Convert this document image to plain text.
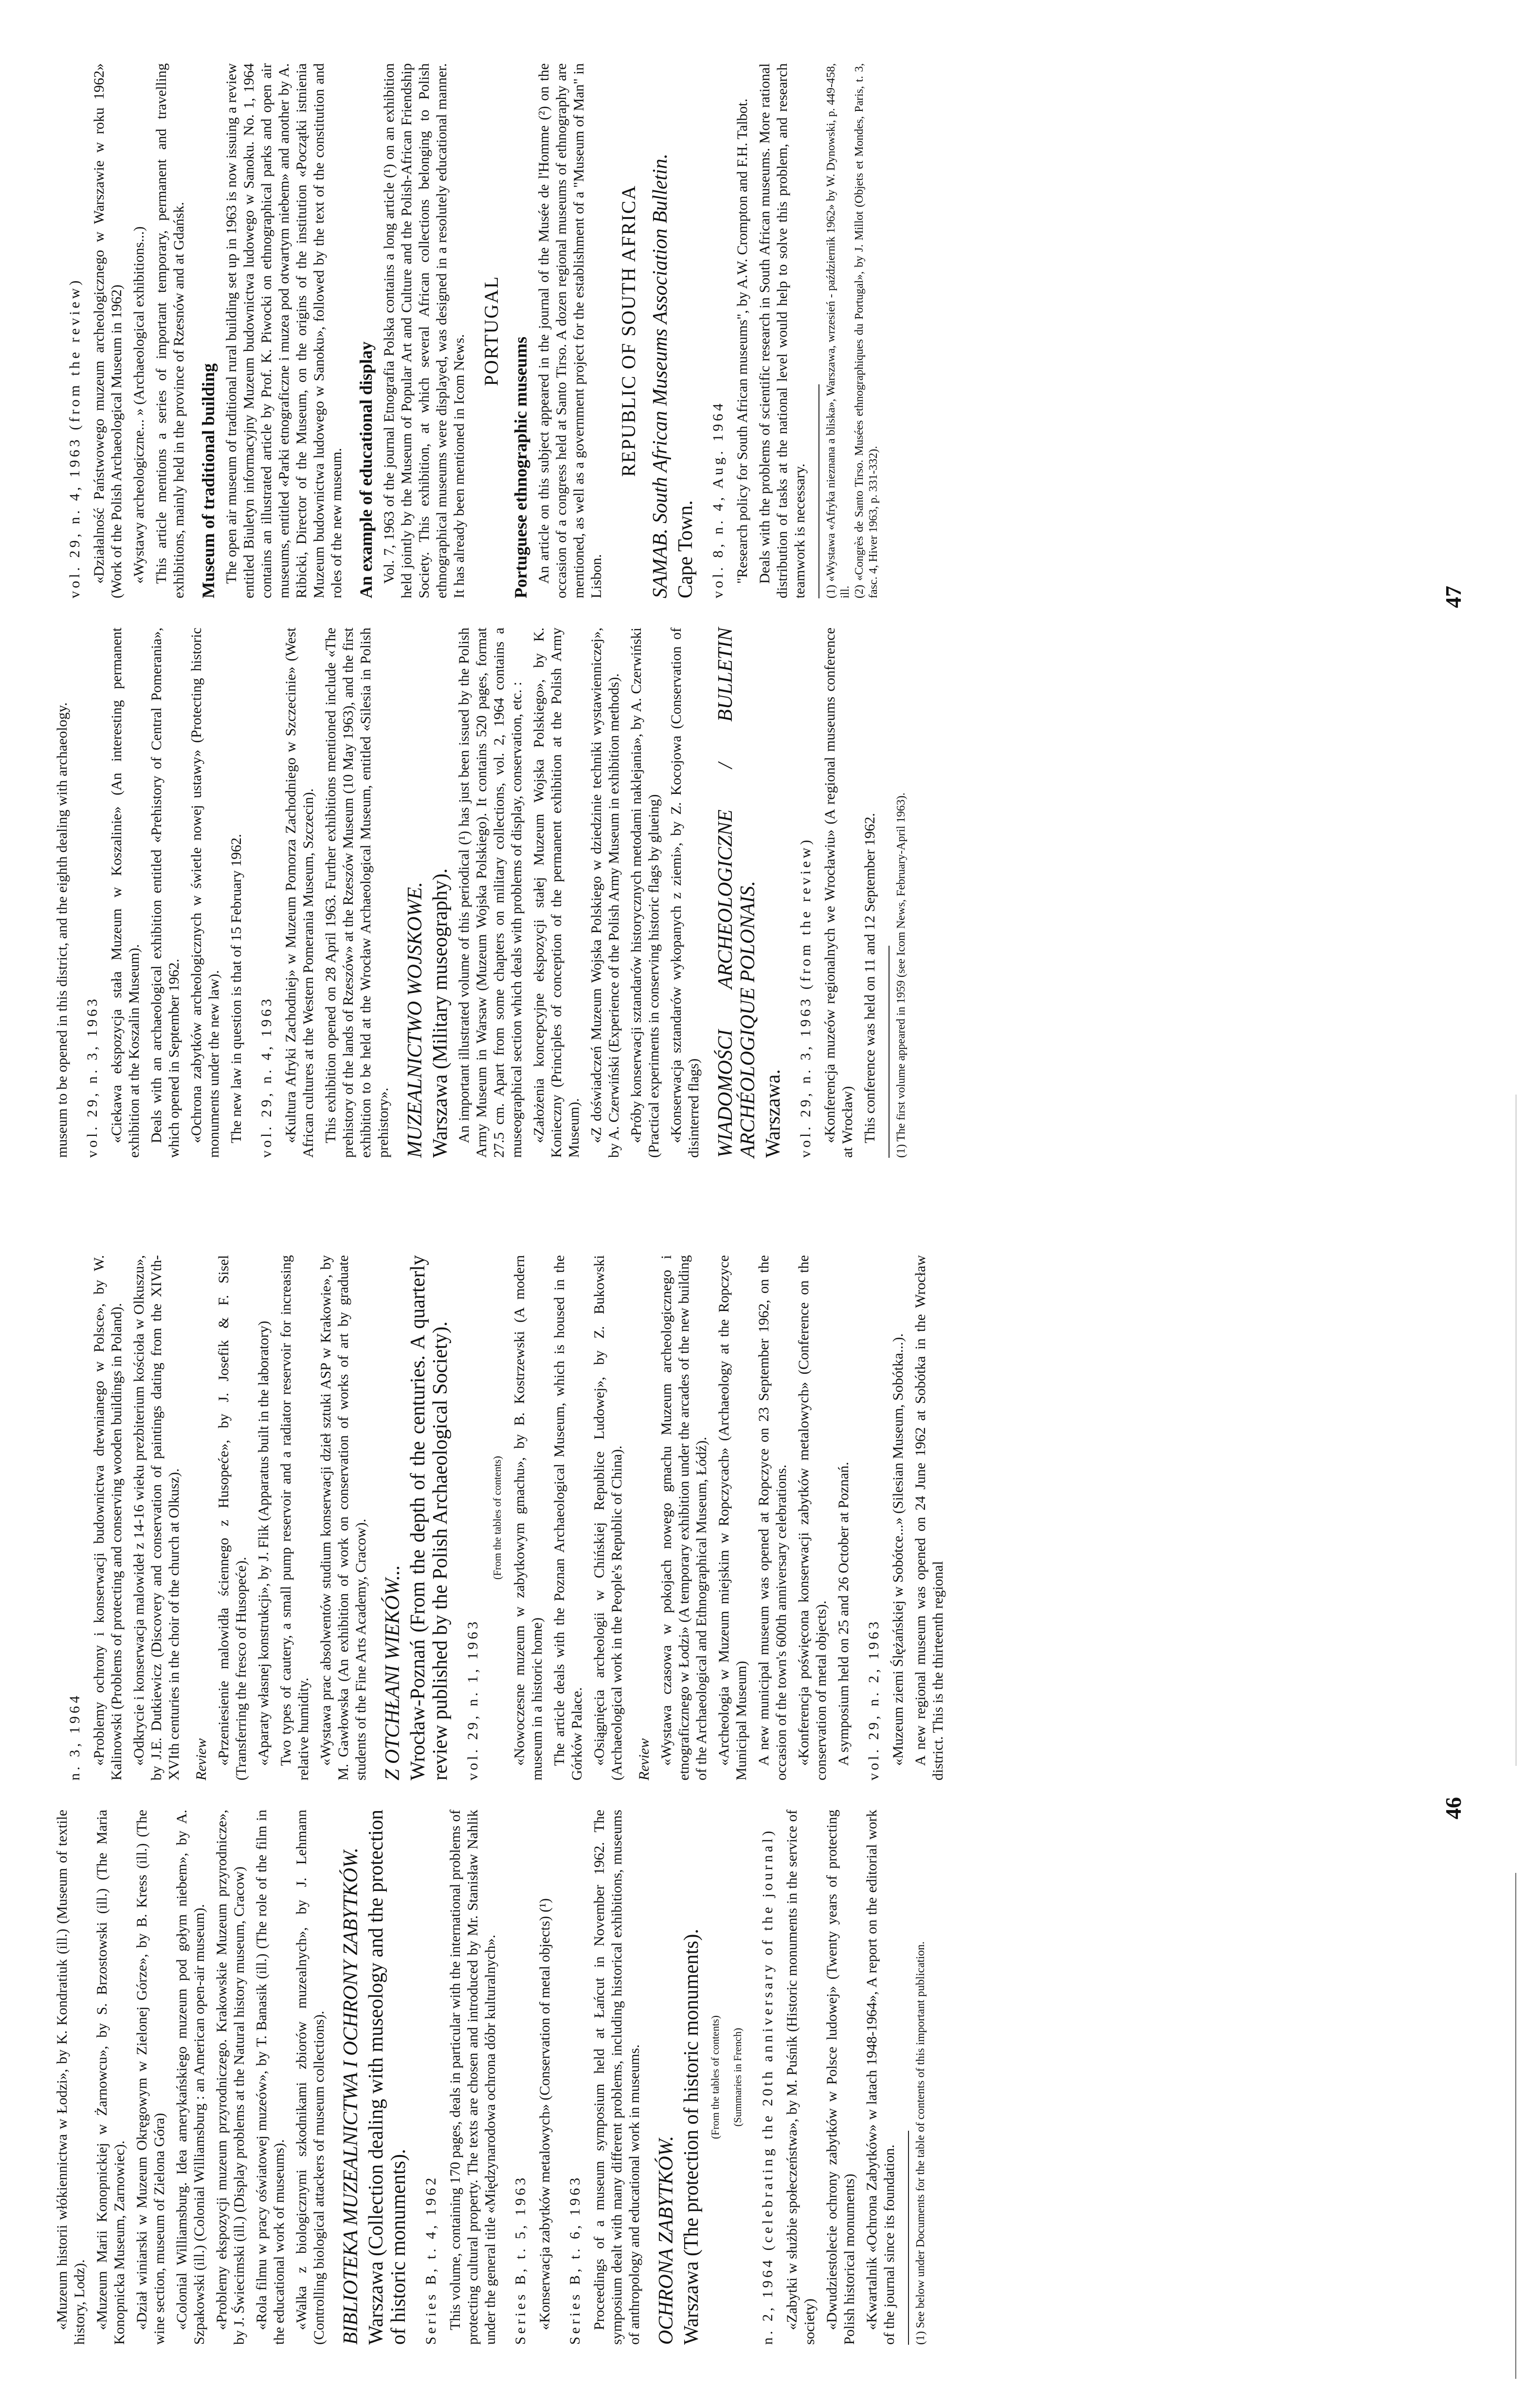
«Muzeum historii włókiennictwa w Łodzi», by K. Kondratiuk (ill.) (Museum of textile history, Lodz). «Muzeum Marii Konopnickiej w Żarnowcu», by S. Brzostowski (ill.) (The Maria Konopnicka Museum, Zarnowiec). «Dział winiarski w Muzeum Okręgowym w Zielonej Górze», by B. Kress (ill.) (The wine section, museum of Zielona Góra) «Colonial Williamsburg. Idea amerykańskiego muzeum pod gołym niebem», by A. Szpakowski (ill.) (Colonial Williamsburg : an American open-air museum). «Problemy ekspozycji muzeum przyrodniczego. Krakowskie Muzeum przyrodnicze», by J. Świecimski (ill.) (Display problems at the Natural history museum, Cracow) «Rola filmu w pracy oświatowej muzeów», by T. Banasik (ill.) (The role of the film in the educational work of museums). «Walka z biologicznymi szkodnikami zbiorów muzealnych», by J. Lehmann (Controlling biological attackers of museum collections). BIBLIOTEKA MUZEALNICTWA I OCHRONY ZABYTKÓW. Warszawa (Collection dealing with museology and the protection of historic monuments). Series B, t. 4, 1962 This volume, containing 170 pages, deals in particular with the international problems of protecting cultural property. The texts are chosen and introduced by Mr. Stanisław Nahlik under the general title «Międzynarodowa ochrona dóbr kulturalnych». Series B, t. 5, 1963 «Konserwacja zabytków metalowych» (Conservation of metal objects) (¹) Series B, t. 6, 1963 Proceedings of a museum symposium held at Łańcut in November 1962. The symposium dealt with many different problems, including historical exhibitions, museums of anthropology and educational work in museums. OCHRONA ZABYTKÓW. Warszawa (The protection of historic monuments). (From the tables of contents) (Summaries in French) n. 2, 1964 (celebrating the 20th anniversary of the journal) «Zabytki w służbie społeczeństwa», by M. Puśnik (Historic monuments in the service of society) «Dwudziestolecie ochrony zabytków w Polsce ludowej» (Twenty years of protecting Polish historical monuments) «Kwartalnik «Ochrona Zabytków» w latach 1948-1964», A report on the editorial work of the journal since its foundation. (1) See below under Documents for the table of contents of this important publication.
n. 3, 1964 «Problemy ochrony i konserwacji budownictwa drewnianego w Polsce», by W. Kalinowski (Problems of protecting and conserving wooden buildings in Poland). «Odkrycie i konserwacja malowideł z 14-16 wieku prezbiterium kościoła w Olkuszu», by J.E. Dutkiewicz (Discovery and conservation of paintings dating from the XIVth-XVIth centuries in the choir of the church at Olkusz). Review «Przeniesienie malowidła ściennego z Husopeće», by J. Josefik & F. Sisel (Transferring the fresco of Husopeće). «Aparaty własnej konstrukcji», by J. Flik (Apparatus built in the laboratory) Two types of cautery, a small pump reservoir and a radiator reservoir for increasing relative humidity. «Wystawa prac absolwentów studium konserwacji dzieł sztuki ASP w Krakowie», by M. Gawłowska (An exhibition of work on conservation of works of art by graduate students of the Fine Arts Academy, Cracow). Z OTCHŁANI WIEKÓW... Wrocław-Poznań (From the depth of the centuries. A quarterly review published by the Polish Archaeological Society). vol. 29, n. 1, 1963
(From the tables of contents) «Nowoczesne muzeum w zabytkowym gmachu», by B. Kostrzewski (A modern museum in a historic home) The article deals with the Poznan Archaeological Museum, which is housed in the Górków Palace. «Osiągnięcia archeologii w Chińskiej Republice Ludowej», by Z. Bukowski (Archaeological work in the People's Republic of China). Review «Wystawa czasowa w pokojach nowego gmachu Muzeum archeologicznego i etnograficznego w Łodzi» (A temporary exhibition under the arcades of the new building of the Archaeological and Ethnographical Museum, Łódź). «Archeologia w Muzeum miejskim w Ropczycach» (Archaeology at the Ropczyce Municipal Museum) A new municipal museum was opened at Ropczyce on 23 September 1962, on the occasion of the town's 600th anniversary celebrations. «Konferencja poświęcona konserwacji zabytków metalowych» (Conference on the conservation of metal objects). A symposium held on 25 and 26 October at Poznań. vol. 29, n. 2, 1963 «Muzeum ziemi Ślężańskiej w Sobótce...» (Silesian Museum, Sobótka...). A new regional museum was opened on 24 June 1962 at Sobótka in the Wrocław district. This is the thirteenth regional

46

museum to be opened in this district, and the eighth dealing with archaeology. vol. 29, n. 3, 1963 «Ciekawa ekspozycja stała Muzeum w Koszalinie» (An interesting permanent exhibition at the Koszalin Museum). Deals with an archaeological exhibition entitled «Prehistory of Central Pomerania», which opened in September 1962. «Ochrona zabytków archeologicznych w świetle nowej ustawy» (Protecting historic monuments under the new law). The new law in question is that of 15 February 1962. vol. 29, n. 4, 1963 «Kultura Afryki Zachodniej» w Muzeum Pomorza Zachodniego w Szczecinie» (West African cultures at the Western Pomerania Museum, Szczecin). This exhibition opened on 28 April 1963. Further exhibitions mentioned include «The prehistory of the lands of Rzeszów» at the Rzeszów Museum (10 May 1963), and the first exhibition to be held at the Wrocław Archaeological Museum, entitled «Silesia in Polish prehistory». MUZEALNICTWO WOJSKOWE. Warszawa (Military museography). An important illustrated volume of this periodical (¹) has just been issued by the Polish Army Museum in Warsaw (Muzeum Wojska Polskiego). It contains 520 pages, format 27.5 cm. Apart from some chapters on military collections, vol. 2, 1964 contains a museographical section which deals with problems of display, conservation, etc. : «Założenia koncepcyjne ekspozycji stałej Muzeum Wojska Polskiego», by K. Konieczny (Principles of conception of the permanent exhibition at the Polish Army Museum). «Z doświadczeń Muzeum Wojska Polskiego w dziedzinie techniki wystawienniczej», by A. Czerwiński (Experience of the Polish Army Museum in exhibition methods). «Próby konserwacji sztandarów historycznych metodami naklejania», by A. Czerwiński (Practical experiments in conserving historic flags by glueing) «Konserwacja sztandarów wykopanych z ziemi», by Z. Kocojowa (Conservation of disinterred flags) WIADOMOŚCI ARCHEOLOGICZNE / BULLETIN ARCHÉOLOGIQUE POLONAIS. Warszawa. vol. 29, n. 3, 1963 (from the review) «Konferencja muzeów regionalnych we Wrocławiu» (A regional museums conference at Wrocław) This conference was held on 11 and 12 September 1962. (1) The first volume appeared in 1959 (see Icom News, February-April 1963).
vol. 29, n. 4, 1963 (from the review) «Działalność Państwowego muzeum archeologicznego w Warszawie w roku 1962» (Work of the Polish Archaeological Museum in 1962) «Wystawy archeologiczne... » (Archaeological exhibitions...) This article mentions a series of important temporary, permanent and travelling exhibitions, mainly held in the province of Rzesnów and at Gdańsk. Museum of traditional building The open air museum of traditional rural building set up in 1963 is now issuing a review entitled Biuletyn informacyjny Muzeum budownictwa ludowego w Sanoku. No. 1, 1964 contains an illustrated article by Prof. K. Piwocki on ethnographical parks and open air museums, entitled «Parki etnograficzne i muzea pod otwartym niebem» and another by A. Ribicki, Director of the Museum, on the origins of the institution «Początki istnienia Muzeum budownictwa ludowego w Sanoku», followed by the text of the constitution and roles of the new museum. An example of educational display Vol. 7, 1963 of the journal Etnografia Polska contains a long article (¹) on an exhibition held jointly by the Museum of Popular Art and Culture and the Polish-African Friendship Society. This exhibition, at which several African collections belonging to Polish ethnographical museums were displayed, was designed in a resolutely educational manner. It has already been mentioned in Icom News.

PORTUGAL
Portuguese ethnographic museums An article on this subject appeared in the journal of the Musée de l'Homme (²) on the occasion of a congress held at Santo Tirso. A dozen regional museums of ethnography are mentioned, as well as a government project for the establishment of a "Museum of Man" in Lisbon.

REPUBLIC OF SOUTH AFRICA SAMAB. South African Museums Association Bulletin. Cape Town. vol. 8, n. 4, Aug. 1964 "Research policy for South African museums", by A.W. Crompton and F.H. Talbot. Deals with the problems of scientific research in South African museums. More rational distribution of tasks at the national level would help to solve this problem, and research teamwork is necessary. (1) «Wystawa «Afryka nieznana a bliska», Warszawa, wrzesień - październik 1962» by W. Dynowski, p. 449-458, ill. (2) «Congrès de Santo Tirso. Musées ethnographiques du Portugal», by J. Millot (Objets et Mondes, Paris, t. 3, fasc. 4, Hiver 1963, p. 331-332).	47
